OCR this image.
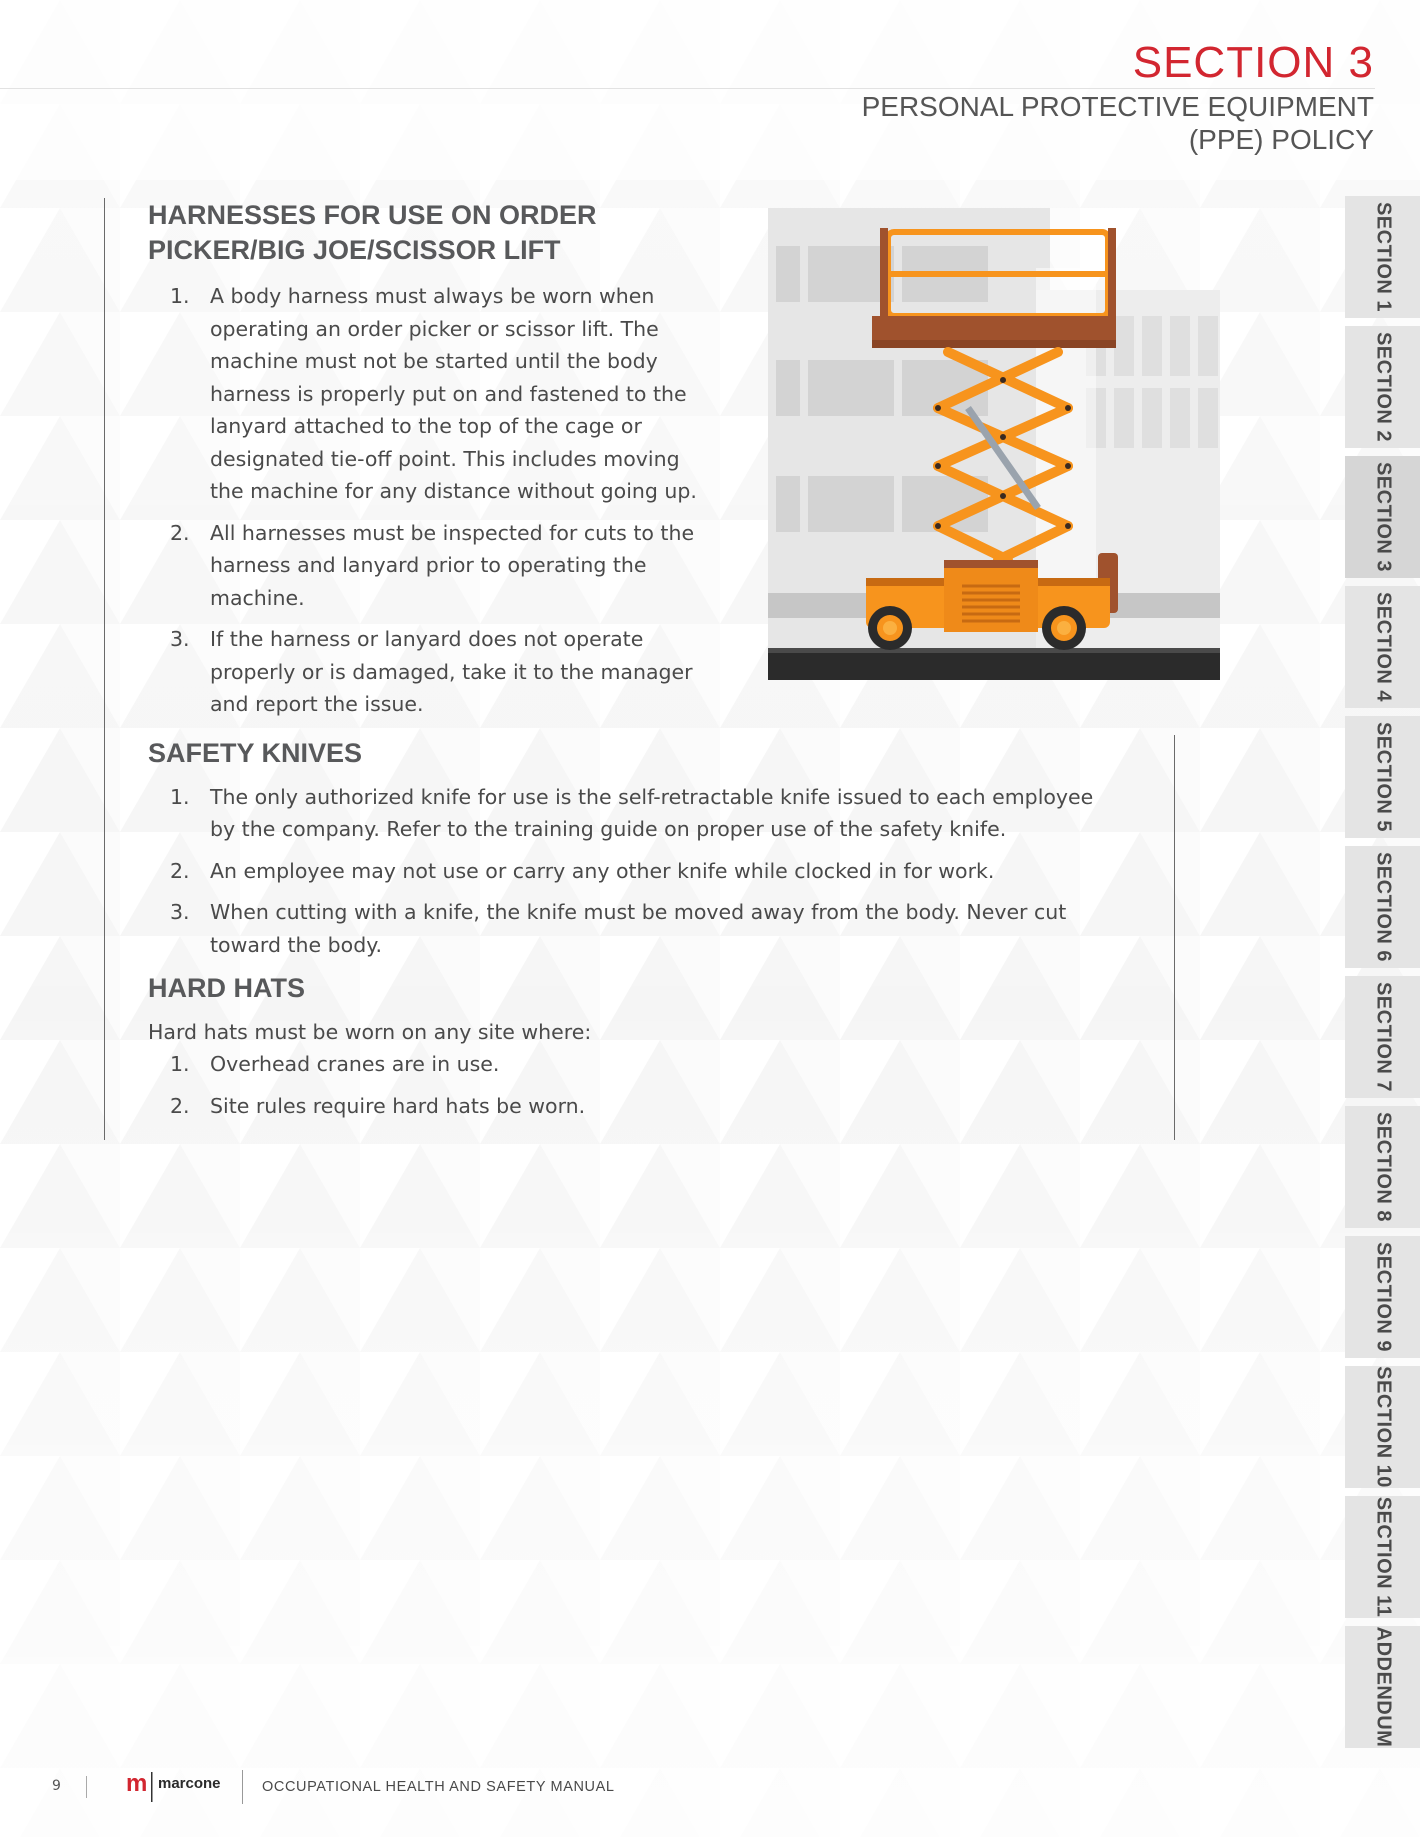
SECTION 3
PERSONAL PROTECTIVE EQUIPMENT
(PPE) POLICY
HARNESSES FOR USE ON ORDER
PICKER/BIG JOE/SCISSOR LIFT
1. A body harness must always be worn when operating an order picker or scissor lift. The machine must not be started until the body harness is properly put on and fastened to the lanyard attached to the top of the cage or designated tie-off point. This includes moving the machine for any distance without going up.
2. All harnesses must be inspected for cuts to the harness and lanyard prior to operating the machine.
3. If the harness or lanyard does not operate properly or is damaged, take it to the manager and report the issue.
SAFETY KNIVES
1. The only authorized knife for use is the self-retractable knife issued to each employee by the company. Refer to the training guide on proper use of the safety knife.
2. An employee may not use or carry any other knife while clocked in for work.
3. When cutting with a knife, the knife must be moved away from the body. Never cut toward the body.
HARD HATS

Hard hats must be worn on any site where:

1. Overhead cranes are in use.
2. Site rules require hard hats be worn.
SECTION 1
SECTION 2
SECTION 3
SECTION 4
SECTION 5
SECTION 6
SECTION 7
SECTION 8
SECTION 9
SECTION 10
SECTION 11
ADDENDUM
9	m marcone	OCCUPATIONAL HEALTH AND SAFETY MANUAL
